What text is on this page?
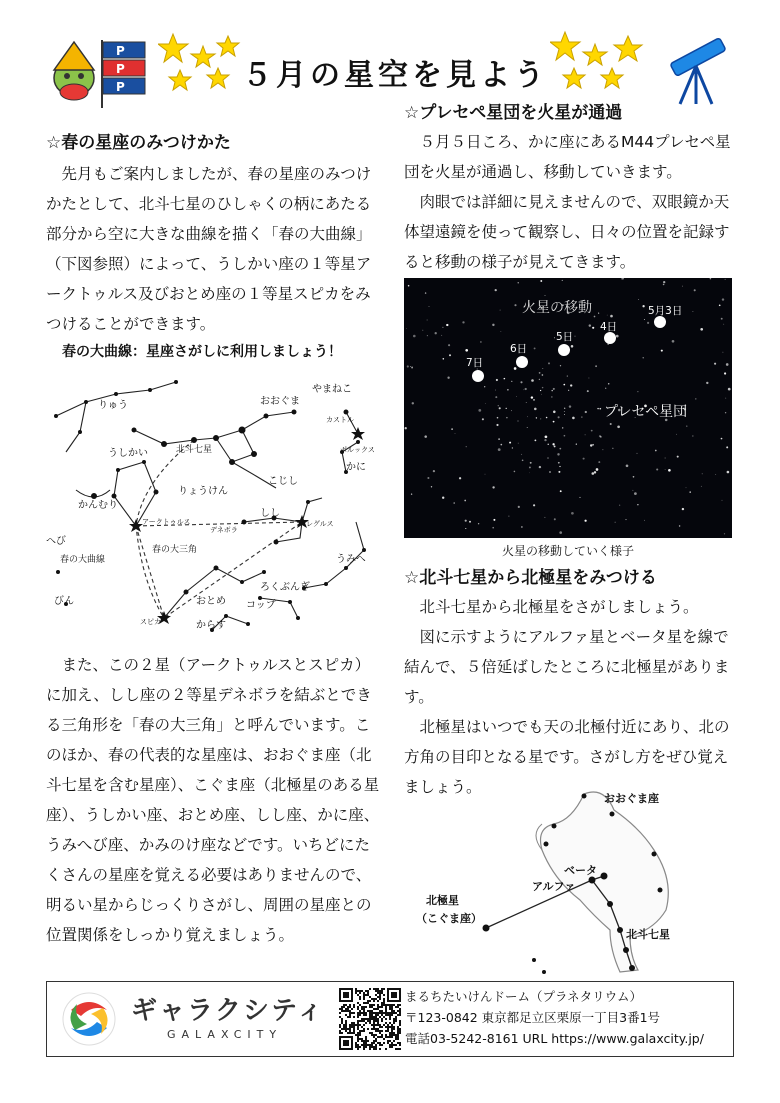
P
P
P	５月の星空を見よう
☆春の星座のみつけかた

先月もご案内しましたが、春の星座のみつけかたとして、北斗七星のひしゃくの柄にあたる部分から空に大きな曲線を描く「春の大曲線」（下図参照）によって、うしかい座の１等星アークトゥルス及びおとめ座の１等星スピカをみつけることができます。

春の大曲線：星座さがしに利用しましょう！
りゅう	おおぐま
やまねこ
カストル
ポルックス
北斗七星
うしかい
かに
こじし
りょうけん
かんむり
アークトゥルス
デネボラ
しし
レグルス
へび
春の大曲線
春の大三角
うみへ
ろくぶんぎ
おとめ コップ
びん
スピカ	からす

また、この２星（アークトゥルスとスピカ）に加え、しし座の２等星デネボラを結ぶとできる三角形を「春の大三角」と呼んでいます。このほか、春の代表的な星座は、おおぐま座（北斗七星を含む星座）、こぐま座（北極星のある星座）、うしかい座、おとめ座、しし座、かに座、うみへび座、かみのけ座などです。いちどにたくさんの星座を覚える必要はありませんので、明るい星からじっくりさがし、周囲の星座との位置関係をしっかり覚えましょう。

☆プレセペ星団を火星が通過

５月５日ころ、かに座にあるM44プレセペ星団を火星が通過し、移動していきます。

肉眼では詳細に見えませんので、双眼鏡か天体望遠鏡を使って観察し、日々の位置を記録すると移動の様子が見えてきます。

火星の移動	5月3日
4日
5日
6日
7日
プレセペ星団
火星の移動していく様子
☆北斗七星から北極星をみつける

北斗七星から北極星をさがしましょう。

図に示すようにアルファ星とベータ星を線で結んで、５倍延ばしたところに北極星があります。

北極星はいつでも天の北極付近にあり、北の方角の目印となる星です。さがし方をぜひ覚えましょう。

おおぐま座
ベータ
アルファ
北極星
（こぐま座）
北斗七星
ギャラクシティ
GALAXCITY
まるちたいけんドーム（プラネタリウム）
〒123-0842 東京都足立区栗原一丁目3番1号
電話03-5242-8161 URL https://www.galaxcity.jp/
